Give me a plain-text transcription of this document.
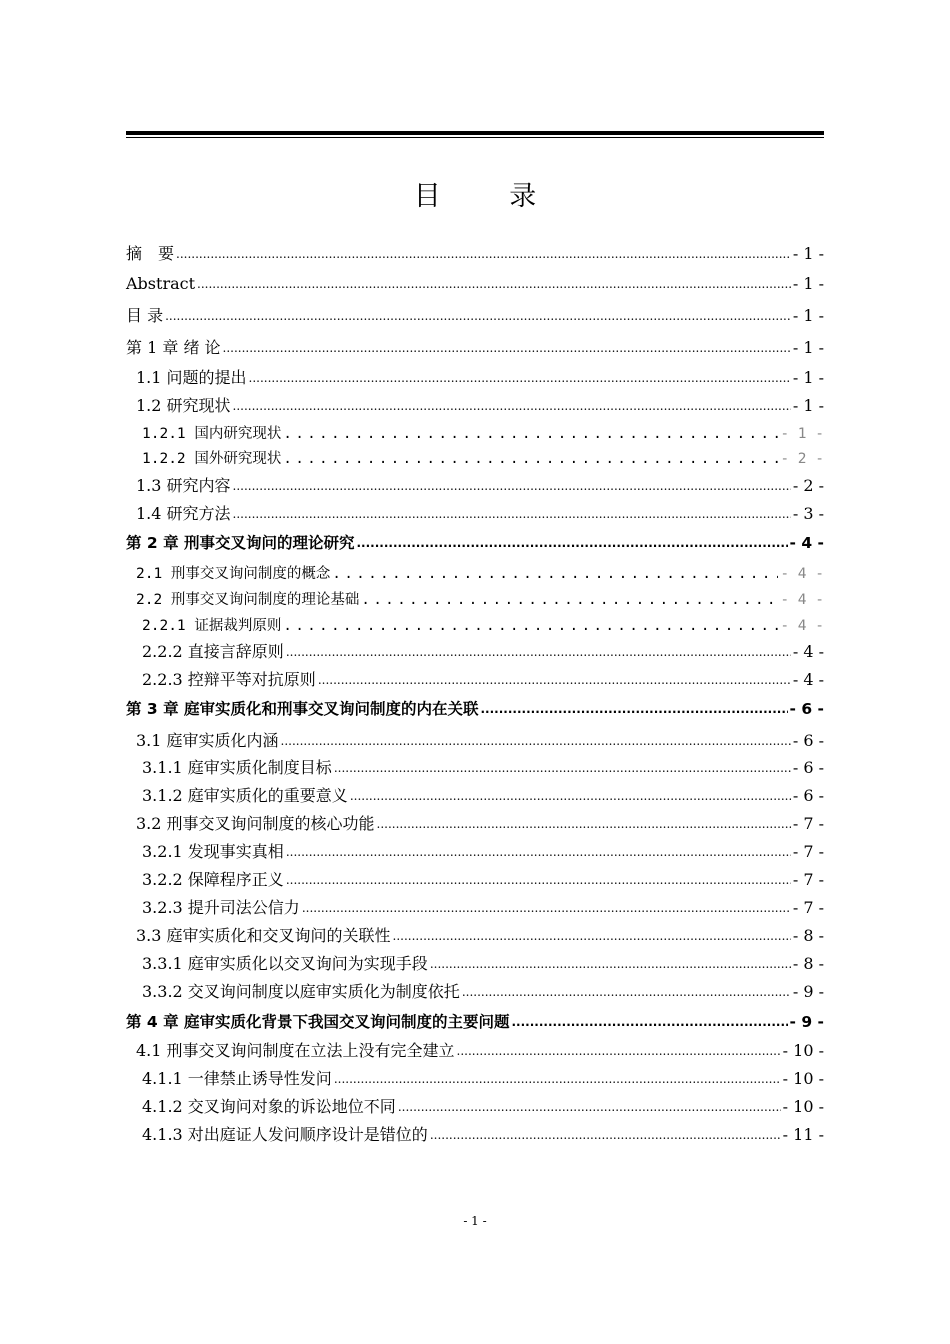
目 录
摘　要 .....	- 1 -
Abstract .....	- 1 -
目 录 .....	- 1 -
第 1 章 绪 论 .....	- 1 -
1.1 问题的提出 .....	- 1 -
1.2 研究现状 .....	- 1 -
1.2.1 国内研究现状 .....	- 1 -
1.2.2 国外研究现状 .....	- 2 -
1.3 研究内容 .....	- 2 -
1.4 研究方法 .....	- 3 -
第 2 章 刑事交叉询问的理论研究 .....	- 4 -
2.1 刑事交叉询问制度的概念 .....	- 4 -
2.2 刑事交叉询问制度的理论基础 .....	- 4 -
2.2.1 证据裁判原则 .....	- 4 -
2.2.2 直接言辞原则 .....	- 4 -
2.2.3 控辩平等对抗原则 .....	- 4 -
第 3 章 庭审实质化和刑事交叉询问制度的内在关联 .....	- 6 -
3.1 庭审实质化内涵 .....	- 6 -
3.1.1 庭审实质化制度目标 .....	- 6 -
3.1.2 庭审实质化的重要意义 .....	- 6 -
3.2 刑事交叉询问制度的核心功能 .....	- 7 -
3.2.1 发现事实真相 .....	- 7 -
3.2.2 保障程序正义 .....	- 7 -
3.2.3 提升司法公信力 .....	- 7 -
3.3 庭审实质化和交叉询问的关联性 .....	- 8 -
3.3.1 庭审实质化以交叉询问为实现手段 .....	- 8 -
3.3.2 交叉询问制度以庭审实质化为制度依托 .....	- 9 -
第 4 章 庭审实质化背景下我国交叉询问制度的主要问题 .....	- 9 -
4.1 刑事交叉询问制度在立法上没有完全建立 .....	- 10 -
4.1.1 一律禁止诱导性发问 .....	- 10 -
4.1.2 交叉询问对象的诉讼地位不同 .....	- 10 -
4.1.3 对出庭证人发问顺序设计是错位的 .....	- 11 -
- 1 -
